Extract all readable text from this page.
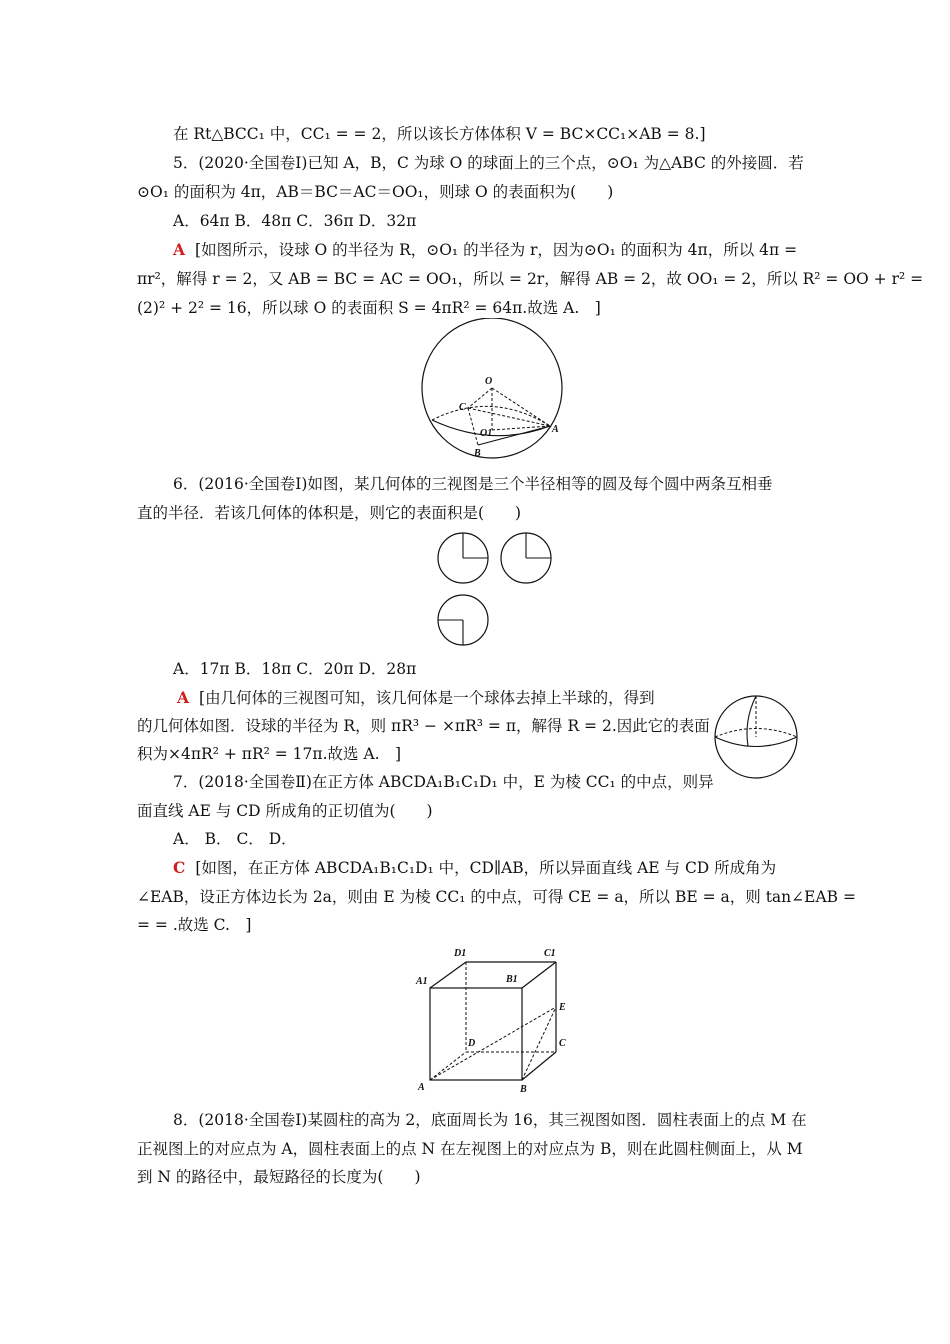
在 Rt△BCC₁ 中，CC₁ = = 2，所以该长方体体积 V = BC×CC₁×AB = 8.]
5．(2020·全国卷Ⅰ)已知 A，B，C 为球 O 的球面上的三个点，⊙O₁ 为△ABC 的外接圆．若
⊙O₁ 的面积为 4π，AB＝BC＝AC＝OO₁，则球 O 的表面积为(　　)
A．64π B．48π C．36π D．32π
A [如图所示，设球 O 的半径为 R，⊙O₁ 的半径为 r，因为⊙O₁ 的面积为 4π，所以 4π =
πr²，解得 r = 2，又 AB = BC = AC = OO₁，所以 = 2r，解得 AB = 2，故 OO₁ = 2，所以 R² = OO + r² =
(2)² + 2² = 16，所以球 O 的表面积 S = 4πR² = 64π.故选 A.　]
O
C
O1	A
B
6．(2016·全国卷Ⅰ)如图，某几何体的三视图是三个半径相等的圆及每个圆中两条互相垂
直的半径．若该几何体的体积是，则它的表面积是(　　)
A．17π B．18π C．20π D．28π
A [由几何体的三视图可知，该几何体是一个球体去掉上半球的，得到
的几何体如图．设球的半径为 R，则 πR³ − ×πR³ = π，解得 R = 2.因此它的表面
积为×4πR² + πR² = 17π.故选 A.　]
7．(2018·全国卷Ⅱ)在正方体 ABCDA₁B₁C₁D₁ 中，E 为棱 CC₁ 的中点，则异
面直线 AE 与 CD 所成角的正切值为(　　)
A． B． C． D．
C [如图，在正方体 ABCDA₁B₁C₁D₁ 中，CD∥AB，所以异面直线 AE 与 CD 所成角为
∠EAB，设正方体边长为 2a，则由 E 为棱 CC₁ 的中点，可得 CE = a，所以 BE = a，则 tan∠EAB =
= = .故选 C.　]
D1	C1
A1	B1
E
D	C
A	B
8．(2018·全国卷Ⅰ)某圆柱的高为 2，底面周长为 16，其三视图如图．圆柱表面上的点 M 在
正视图上的对应点为 A，圆柱表面上的点 N 在左视图上的对应点为 B，则在此圆柱侧面上，从 M
到 N 的路径中，最短路径的长度为(　　)
